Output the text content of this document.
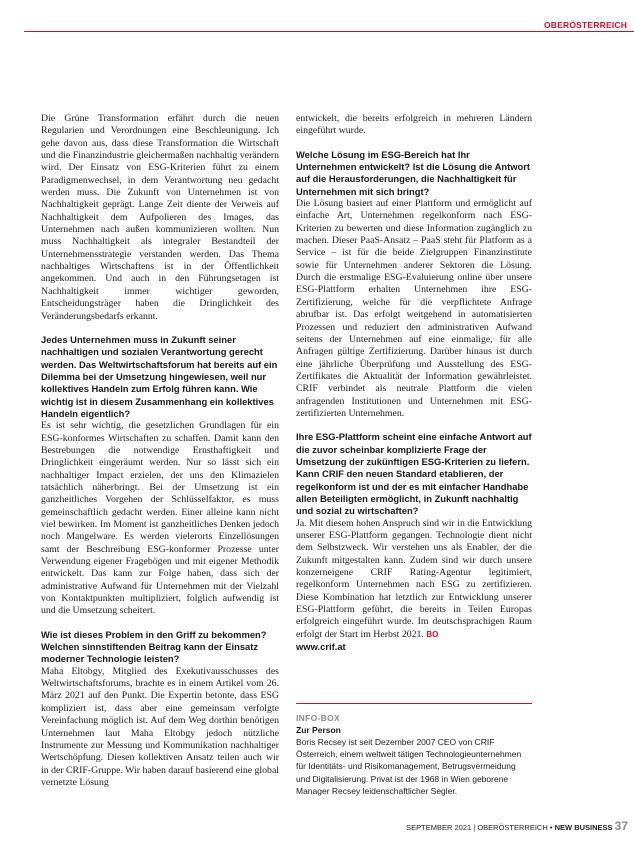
OBERÖSTERREICH

Die Grüne Transformation erfährt durch die neuen Regularien und Verordnungen eine Beschleunigung. Ich gehe davon aus, dass diese Transformation die Wirtschaft und die Finanzindustrie gleichermaßen nachhaltig verändern wird. Der Einsatz von ESG-Kriterien führt zu einem Paradigmenwechsel, in dem Verantwortung neu gedacht werden muss. Die Zukunft von Unternehmen ist von Nachhaltigkeit geprägt. Lange Zeit diente der Verweis auf Nachhaltigkeit dem Aufpolieren des Images, das Unternehmen nach außen kommunizieren wollten. Nun muss Nachhaltigkeit als integraler Bestandteil der Unternehmensstrategie verstanden werden. Das Thema nachhaltiges Wirtschaftens ist in der Öffentlichkeit angekommen. Und auch in den Führungsetagen ist Nachhaltigkeit immer wichtiger geworden, Entscheidungsträger haben die Dringlichkeit des Veränderungsbedarfs erkannt.

Jedes Unternehmen muss in Zukunft seiner nachhaltigen und sozialen Verantwortung gerecht werden. Das Weltwirtschaftsforum hat bereits auf ein Dilemma bei der Umsetzung hingewiesen, weil nur kollektives Handeln zum Erfolg führen kann. Wie wichtig ist in diesem Zusammenhang ein kollektives Handeln eigentlich?

Es ist sehr wichtig, die gesetzlichen Grundlagen für ein ESG-konformes Wirtschaften zu schaffen. Damit kann den Bestrebungen die notwendige Ernsthaftigkeit und Dringlichkeit eingeräumt werden. Nur so lässt sich ein nachhaltiger Impact erzielen, der uns den Klimazielen tatsächlich näherbringt. Bei der Umsetzung ist ein ganzheitliches Vorgehen der Schlüsselfaktor, es muss gemeinschaftlich gedacht werden. Einer alleine kann nicht viel bewirken. Im Moment ist ganzheitliches Denken jedoch noch Mangelware. Es werden vielerorts Einzellösungen samt der Beschreibung ESG-konformer Prozesse unter Verwendung eigener Fragebögen und mit eigener Methodik entwickelt. Das kann zur Folge haben, dass sich der administrative Aufwand für Unternehmen mit der Vielzahl von Kontaktpunkten multipliziert, folglich aufwendig ist und die Umsetzung scheitert.

Wie ist dieses Problem in den Griff zu bekommen? Welchen sinnstiftenden Beitrag kann der Einsatz moderner Technologie leisten?

Maha Eltobgy, Mitglied des Exekutivausschusses des Weltwirtschaftsforums, brachte es in einem Artikel vom 26. März 2021 auf den Punkt. Die Expertin betonte, dass ESG kompliziert ist, dass aber eine gemeinsam verfolgte Vereinfachung möglich ist. Auf dem Weg dorthin benötigen Unternehmen laut Maha Eltobgy jedoch nützliche Instrumente zur Messung und Kommunikation nachhaltiger Wertschöpfung. Diesen kollektiven Ansatz teilen auch wir in der CRIF-Gruppe. Wir haben darauf basierend eine global vernetzte Lösung

entwickelt, die bereits erfolgreich in mehreren Ländern eingeführt wurde.

Welche Lösung im ESG-Bereich hat Ihr Unternehmen entwickelt? Ist die Lösung die Antwort auf die Herausforderungen, die Nachhaltigkeit für Unternehmen mit sich bringt?

Die Lösung basiert auf einer Plattform und ermöglicht auf einfache Art, Unternehmen regelkonform nach ESG-Kriterien zu bewerten und diese Information zugänglich zu machen. Dieser PaaS-Ansatz – PaaS steht für Platform as a Service – ist für die beide Zielgruppen Finanzinstitute sowie für Unternehmen anderer Sektoren die Lösung. Durch die erstmalige ESG-Evaluierung online über unsere ESG-Plattform erhalten Unternehmen ihre ESG-Zertifizierung, welche für die verpflichtete Anfrage abrufbar ist. Das erfolgt weitgehend in automatisierten Prozessen und reduziert den administrativen Aufwand seitens der Unternehmen auf eine einmalige, für alle Anfragen gültige Zertifizierung. Darüber hinaus ist durch eine jährliche Überprüfung und Ausstellung des ESG-Zertifikates die Aktualität der Information gewährleistet. CRIF verbindet als neutrale Plattform die vielen anfragenden Institutionen und Unternehmen mit ESG-zertifizierten Unternehmen.

Ihre ESG-Plattform scheint eine einfache Antwort auf die zuvor scheinbar komplizierte Frage der Umsetzung der zukünftigen ESG-Kriterien zu liefern. Kann CRIF den neuen Standard etablieren, der regelkonform ist und der es mit einfacher Handhabe allen Beteiligten ermöglicht, in Zukunft nachhaltig und sozial zu wirtschaften?

Ja. Mit diesem hohen Anspruch sind wir in die Entwicklung unserer ESG-Plattform gegangen. Technologie dient nicht dem Selbstzweck. Wir verstehen uns als Enabler, der die Zukunft mitgestalten kann. Zudem sind wir durch unsere konzerneigene CRIF Rating-Agentur legitimiert, regelkonform Unternehmen nach ESG zu zertifizieren. Diese Kombination hat letztlich zur Entwicklung unserer ESG-Plattform geführt, die bereits in Teilen Europas erfolgreich eingeführt wurde. Im deutschsprachigen Raum erfolgt der Start im Herbst 2021. BO
www.crif.at

INFO-BOX
Zur Person

Boris Recsey ist seit Dezember 2007 CEO von CRIF Österreich, einem weltweit tätigen Technologieunternehmen für Identitäts- und Risikomanagement, Betrugsvermeidung und Digitalisierung. Privat ist der 1968 in Wien geborene Manager Recsey leidenschaftlicher Segler.

SEPTEMBER 2021 | OBERÖSTERREICH • NEW BUSINESS 37
